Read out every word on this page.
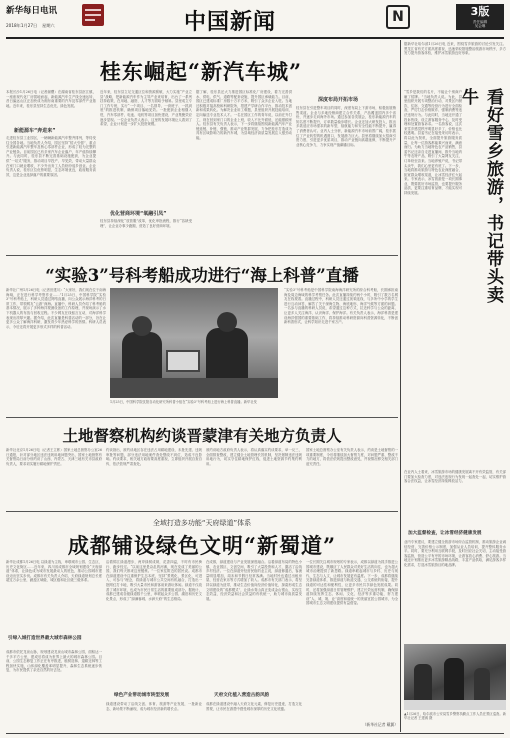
新华每日电讯
2018年1月27日 星期六	中国新闻	N	3版
责任编辑
吴会琳
桂东崛起“新汽车城”
本报长沙1月26日电（记者谢樱）在湖南省桂东县沤江镇，一座座现代化厂房拔地而起，新能源汽车生产线全速运转，昔日偏远山区正加快成为湘东南重要的汽车及零部件产业基地。近年来，桂东县坚持生态优先、绿色发展。
新能源车“奔进来”
走进桂东县工业园区，一辆辆新能源汽车整齐排列，等待发往全国各地。当地负责人介绍，园区坚持“招大引强”，重点引进新能源汽车整车及核心零部件企业，形成了较为完整的产业链条。目前园区已有多家汽车企业落户，年产值持续攀升。与此同时，桂东县不断完善基础设施配套，为企业提供“一站式”服务，推动项目早投产、早见效，带动大量群众在家门口就业增收，不少外出务工人员纷纷返乡创业。企业负责人说，桂东区位优势明显，生态环境优良，政府服务高效，这是企业选择落户的重要原因。
近年来，桂东县立足交通区位和资源禀赋，大力实施“产业立县”战略，把新能源汽车作为主导产业来培育，出台了一系列扶持政策，在用地、融资、人才等方面给予倾斜。县里成立专门工作专班，实行“一个项目、一名领导、一套班子、一抓到底”的推进机制，确保项目落地见效。一批配套企业相继入驻，汽车零部件、电池、电机等项目加快建设，产业集聚效应逐步显现。一位企业负责人表示，这里的发展环境让人看到了希望，企业计划进一步扩大投资规模。
优化营商环境“氧融引凤”
桂东县持续深化“放管服”改革，优化审批流程，推行“容缺受理”，让企业办事少跑腿，营造了良好营商环境。
据了解，桂东县还大力推进园区标准化厂房建设，着力完善供水、供电、供气、道路等配套设施，提升园区承载能力。目前，园区已建成标准厂房数十万平方米，吸引了众多企业入驻。当地还积极对接高校和科研院所，搭建产学研合作平台，推动技术创新和成果转化。为解决企业用工难题，县里组织开展技能培训，定向输送专业技术人才。一名在园区工作的青年说，以前在外打工，现在回到家门口的企业上班，收入不比外面低，还能照顾家人。桂东县有关负责人表示，下一步将继续围绕新能源汽车产业链延链、补链、强链，推动产业集群发展，力争把桂东打造成为具有区域影响力的新汽车城，为县域经济高质量发展注入强劲动能。
深度布局开拓市场
桂东县在引进整车项目的同时，深度布局上下游市场，积极拓展销售渠道。企业与多地经销商建立合作关系，产品覆盖国内多个省份，并逐步走向海外市场。通过参加各类展会，桂东新能源汽车的知名度不断提升，订单数量稳步增长。企业还加大研发投入，推出多款适应市场需求的新车型，续航能力和安全性能不断提升，赢得了消费者认可。业内人士分析，新能源汽车市场前景广阔，桂东抓住了产业转型的机遇窗口，发展潜力巨大。县里将继续加大招商引资力度，引进更多优质项目，推动产业链向高端延伸，不断提升产业核心竞争力，力争实现产值翻番目标。
据新华社哈尔滨1月26日电 近来，围绕雪乡旅游的讨论引发关注。黑龙江省有关方面高度重视，迅速采取措施整治旅游市场秩序，多方发力提升游客体验，维护冰雪旅游良好形象。
看好雪乡旅游，书记带头卖牛
“雪乡是我们的名片，不能让个别商户砸了招牌。”当地负责人说。为此，县里组织开展专项整治行动，对景区内餐饮、住宿、交通等经营行为进行全面检查，严厉打击价格欺诈、强制消费等违法违规行为。与此同时，当地还开通了投诉热线，设立游客服务中心，及时受理和处置游客诉求。一名游客说，这次来雪乡感觉秩序明显好多了，价格也比较透明。县委书记在接受采访时表示，将以此为契机，全面提升旅游服务质量，让每一位游客都能乘兴而来、满意而归。为助力当地特色农产品销售，县委书记还亲自走进直播间，推介当地肉牛等农特产品，吸引了大量网友关注，订单纷至沓来。当地养殖户说，书记带头卖牛，我们心里更有底了。下一步，当地将推动旅游与特色农业深度融合，拓宽群众增收渠道，让冰雪经济红火起来。专家表示，冰雪旅游是一项长期事业，既要抓好市场监管，也要提升服务品质，更要注重培育品牌，才能实现可持续发展。
在业内人士看来，冰雪旅游市场的健康发展离不开有效监管，有关部门要加大检查力度，对违法违规行为发现一起查处一起，切实维护游客合法权益，让冰雪经济持续释放活力。
加大监督检查，让冰雪经济健康发展
业内专家建议，要建立健全旅游市场综合监管机制，推动旅游企业诚信经营，完善价格公示制度，加强从业人员培训，提升整体服务水平。同时，要充分利用互联网手段，及时回应社会关切，主动接受游客监督，营造公平有序的市场环境，让游客放心消费、舒心旅游。当地还计划推出更多冰雪旅游精品线路，丰富产品供给，满足游客多样化需求，打造冰雪旅游目的地品牌。
▲1月26日，哈尔滨市公安局雪乡警察执勤点工作人员在景区巡查。新华社记者 王建威 摄
“实验3”号科考船成功进行“海上科普”直播
新华社广州1月26日电（记者田建川）“大家好，我们现在位于南海海域，正在进行科学考察作业……”1月25日，中国科学院“实验3”号科考船上，科研人员通过网络直播，向公众展示海洋科考的日常工作，带领网友“云游”深海。直播中，科研人员介绍了科考船的基本情况，展示了多种海洋观测设备的工作原理，并现场演示了水下机器人的布放与回收过程。不少网友在线留言互动，对海洋科学表现出浓厚兴趣。据介绍，此次直播是科普活动的一部分，旨在让更多公众了解海洋科研，激发青少年热爱科学的热情。科研人员表示，今后还将开展更多形式多样的科普活动。
1月25日，中国科学院沈阳自动化研究所科普小组在“实验3”号科考船上进行海上科普直播。新华社发
“实验3”号科考船是中国科学院南海海洋研究所的综合科考船，长期承担南海及周边海域的科学考察任务。此次直播持续约两个小时，吸引了数万名网友在线观看。直播过程中，科研人员还通过视频连线，与多所中小学的学生进行互动问答，解答了关于深海生物、海底地形、海洋气候等方面的问题。一名参与直播的科研人员说，希望通过这种方式，拉近科学与公众的距离，让更多人关注海洋、认识海洋、保护海洋。有关负责人表示，海洋科普是建设海洋强国的重要基础工作，将持续推动科研资源向科普资源转化，不断创新科普形式，让科学知识走进千家万户。
土地督察机构约谈晋蒙津有关地方负责人
新华社北京1月26日电（记者王立彬）国家土地总督察办公室26日通报，针对部分地区违法违规用地问题突出，国家土地督察有关督察局日前分别约谈了山西、内蒙古、天津三地有关市县政府负责人，要求切实履行耕地保护责任。
约谈指出，被约谈地区存在违法占用耕地建设、未批先建、违规审批等问题，部分违法用地案件查处整改不到位，造成不良影响。约谈要求，相关地方政府要高度重视，立即组织开展自查自纠，依法依规严肃查处。
被约谈地方政府负责人表示，将认真落实约谈要求，举一反三，全面排查整改，建立健全土地管理长效机制，坚决遏制违法违规用地行为，切实守住耕地保护红线，促进土地资源节约集约利用。
国家土地总督察办公室有关负责人表示，约谈是土地督察的一项重要制度，今后将继续加大督察力度，对问题严重、整改不力的地方，将依法依规提出整改意见，并视情况移交相关部门追究责任。
全域打造多功能“天府绿道”体系
成都铺设绿色文明“新蜀道”
新华社成都1月26日电 以绿道为主线，串联城市公园、生态区、历史文化街区……近年来，四川省成都市全域规划建设“天府绿道”体系，让绿色成为城市发展最动人的底色，推动公园城市建设迈出坚实步伐。成都市有关负责人介绍，天府绿道规划总长度超过万余公里，涵盖区域级、城区级和社区级三级体系。
引绿入城打造世界最大城市森林公园
成都市依托龙泉山脉，规划建设龙泉山城市森林公园，面积达一千多平方公里，建成后将成为世界上最大的城市森林公园。目前，公园生态修复工作正在有序推进，植树造林、退耕还林等工程加快实施，山体绿化覆盖率明显提升，森林生态系统逐步恢复，为市民提供了亲近自然的好去处。
沿着锦江绿道漫步，两岸绿树成荫，花香四溢，不时有市民骑行、跑步经过。“以前这里是杂乱的河滩，现在变成了美丽的公园，我们每天都来这里锻炼。”一位家住附近的居民说。成都市在绿道建设中注重保护生态本底，坚持“景观化、景区化、可进入、可参与”理念，将绿道与城市公共空间有机融合，打造出一批网红打卡地，吸引大量市民和游客前来游玩休闲。绿道不仅改善了城市环境，也成为市民日常生活的重要组成部分。据统计，成都已建成各级绿道数千公里，串联起众多公园、湖泊和历史文化景点，形成了“绿满蓉城、水润天府”的生态格局。
绿色产业带动城市转型发展
绿道建设带动了沿线文创、体育、旅游等产业发展，一批新业态、新场景不断涌现，成为城市经济新的增长点。
在成都，绿道建设与产业发展深度融合。沿着绿道布局的特色小镇、农业园区、文创空间，吸引了大量投资和人才，激活了沿线乡村经济。一位在绿道旁经营民宿的业主说，绿道修通后，客流量明显增加，周末和节假日经常客满。当地村民也通过出租房屋、经营农家乐等方式增加了收入。成都市有关部门表示，将坚持以绿道为纽带，推动生态价值向经济价值转化，探索形成生态文明建设的“成都模式”，让绿水青山真正变成金山银山，实现生态效益、经济效益和社会效益的有机统一，助力城市高质量发展。
天府文化植入营造古韵风韵
成都在绿道建设中融入天府文化元素，修复历史遗迹，打造文化景观，让市民在游憩中感受城市深厚的历史文化底蕴。
一位长期关注城市规划的专家表示，成都以绿道为抓手推进公园城市建设，既顺应了人民群众对美好生活的向往，也为超大城市治理提供了新思路。绿道串联起城市与乡村、历史与现代、生态与人文，让城市发展更有温度。下一步，成都将继续完善绿道体系，推进绿道与轨道交通、公交系统的衔接，提升绿道的可达性和便利性，让更多市民共享绿色发展成果。同时，还将加强绿道日常管理维护，建立长效运营机制，确保绿道持续发挥生态、休闲、文化、经济等多重功能，努力建设“人、城、境、业”高度和谐统一的美丽宜居公园城市，为全国城市生态文明建设提供有益借鉴。
（新华社记者 戴翼）
